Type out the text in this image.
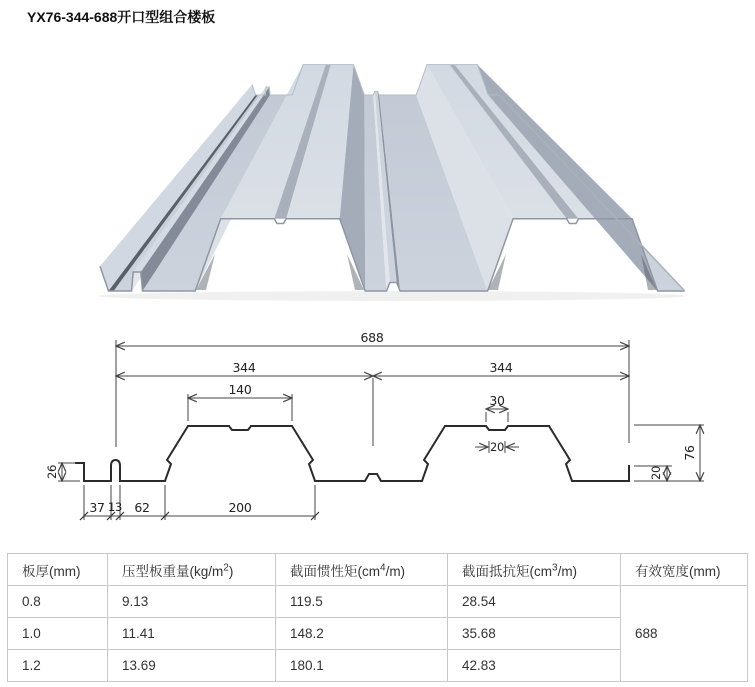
YX76-344-688开口型组合楼板
688
344	344
140
30
20
26
37 13 62	200
76
20
板厚(mm)	压型板重量$(kg/m^2)$	截面惯性矩$(cm^4/m)$	截面抵抗矩$(cm^3/m)$	有效宽度(mm)
0.8	9.13	119.5	28.54	688
1.0	11.41	148.2	35.68	
1.2	13.69	180.1	42.83	
